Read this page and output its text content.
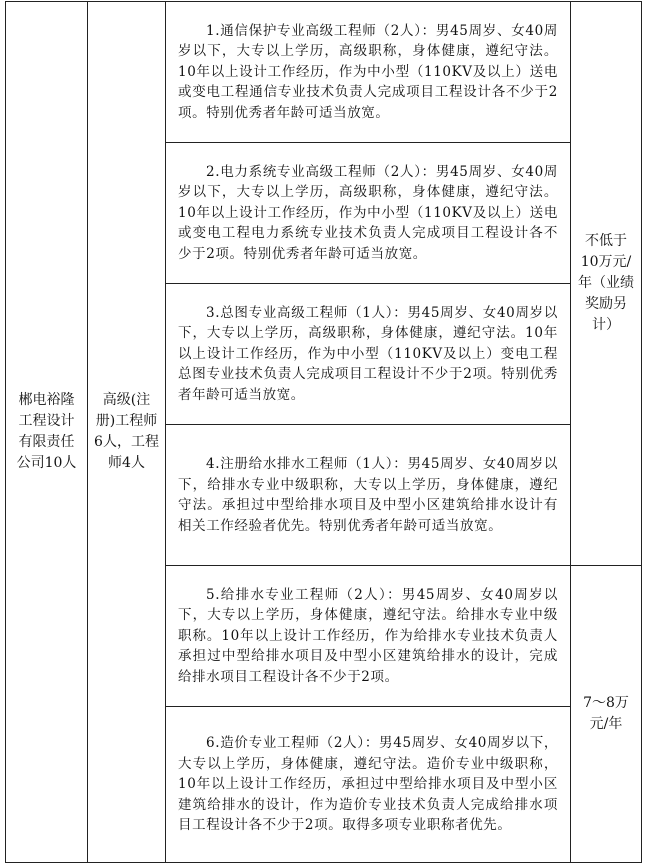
郴电裕隆工程设计有限责任公司10人	高级(注册)工程师6人，工程师4人	1.通信保护专业高级工程师（2人）：男45周岁、女40周岁以下，大专以上学历，高级职称，身体健康，遵纪守法。10年以上设计工作经历，作为中小型（110KV及以上）送电或变电工程通信专业技术负责人完成项目工程设计各不少于2项。特别优秀者年龄可适当放宽。	不低于10万元/年（业绩奖励另计）

		2.电力系统专业高级工程师（2人）：男45周岁、女40周岁以下，大专以上学历，高级职称，身体健康，遵纪守法。10年以上设计工作经历，作为中小型（110KV及以上）送电或变电工程电力系统专业技术负责人完成项目工程设计各不少于2项。特别优秀者年龄可适当放宽。	

		3.总图专业高级工程师（1人）：男45周岁、女40周岁以下，大专以上学历，高级职称，身体健康，遵纪守法。10年以上设计工作经历，作为中小型（110KV及以上）变电工程总图专业技术负责人完成项目工程设计不少于2项。特别优秀者年龄可适当放宽。	

		4.注册给水排水工程师（1人）：男45周岁、女40周岁以下，给排水专业中级职称，大专以上学历，身体健康，遵纪守法。承担过中型给排水项目及中型小区建筑给排水设计有相关工作经验者优先。特别优秀者年龄可适当放宽。	

		5.给排水专业工程师（2人）：男45周岁、女40周岁以下，大专以上学历，身体健康，遵纪守法。给排水专业中级职称。10年以上设计工作经历，作为给排水专业技术负责人承担过中型给排水项目及中型小区建筑给排水的设计，完成给排水项目工程设计各不少于2项。	7～8万元/年

		6.造价专业工程师（2人）：男45周岁、女40周岁以下，大专以上学历，身体健康，遵纪守法。造价专业中级职称，10年以上设计工作经历，承担过中型给排水项目及中型小区建筑给排水的设计，作为造价专业技术负责人完成给排水项目工程设计各不少于2项。取得多项专业职称者优先。	
